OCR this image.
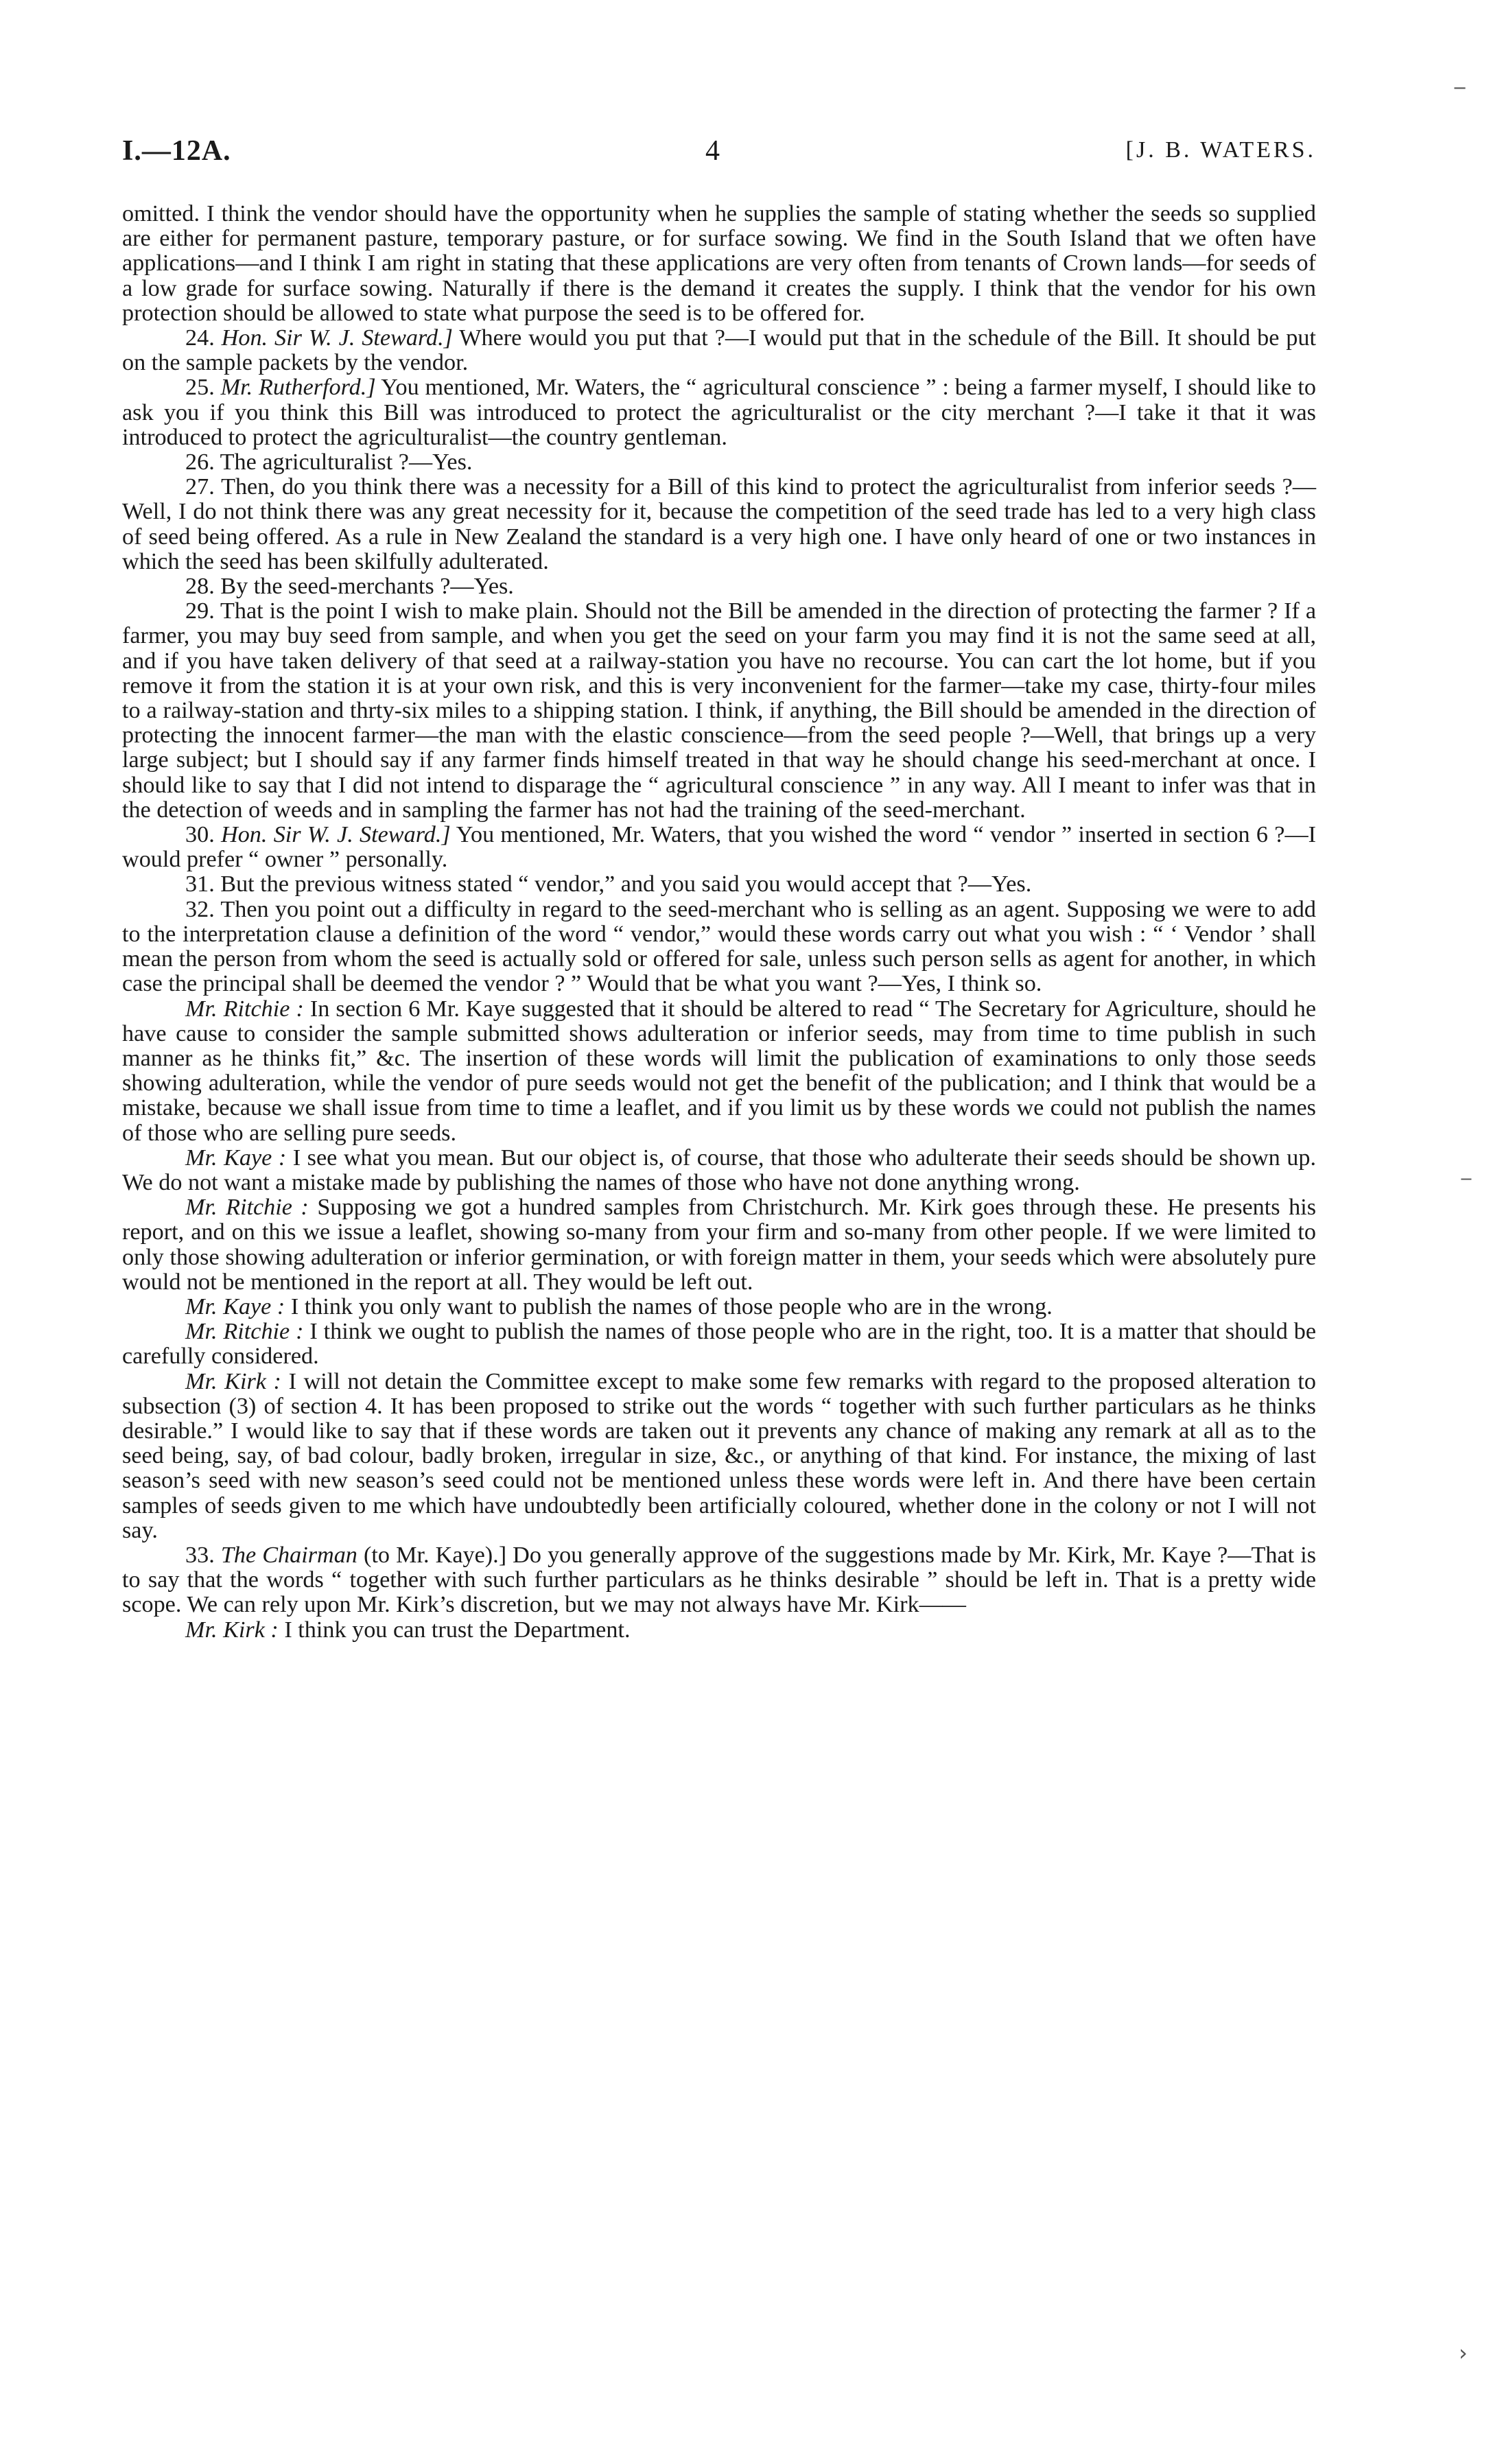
I.—12A.	4	[J. B. WATERS.

omitted. I think the vendor should have the opportunity when he supplies the sample of stating whether the seeds so supplied are either for permanent pasture, temporary pasture, or for surface sowing. We find in the South Island that we often have applications—and I think I am right in stating that these applications are very often from tenants of Crown lands—for seeds of a low grade for surface sowing. Naturally if there is the demand it creates the supply. I think that the vendor for his own protection should be allowed to state what purpose the seed is to be offered for.

24. Hon. Sir W. J. Steward.] Where would you put that ?—I would put that in the schedule of the Bill. It should be put on the sample packets by the vendor.

25. Mr. Rutherford.] You mentioned, Mr. Waters, the “ agricultural conscience ” : being a farmer myself, I should like to ask you if you think this Bill was introduced to protect the agriculturalist or the city merchant ?—I take it that it was introduced to protect the agriculturalist—the country gentleman.

26. The agriculturalist ?—Yes.

27. Then, do you think there was a necessity for a Bill of this kind to protect the agriculturalist from inferior seeds ?—Well, I do not think there was any great necessity for it, because the competition of the seed trade has led to a very high class of seed being offered. As a rule in New Zealand the standard is a very high one. I have only heard of one or two instances in which the seed has been skilfully adulterated.

28. By the seed-merchants ?—Yes.

29. That is the point I wish to make plain. Should not the Bill be amended in the direction of protecting the farmer ? If a farmer, you may buy seed from sample, and when you get the seed on your farm you may find it is not the same seed at all, and if you have taken delivery of that seed at a railway-station you have no recourse. You can cart the lot home, but if you remove it from the station it is at your own risk, and this is very inconvenient for the farmer—take my case, thirty-four miles to a railway-station and thrty-six miles to a shipping station. I think, if anything, the Bill should be amended in the direction of protecting the innocent farmer—the man with the elastic conscience—from the seed people ?—Well, that brings up a very large subject; but I should say if any farmer finds himself treated in that way he should change his seed-merchant at once. I should like to say that I did not intend to disparage the “ agricultural conscience ” in any way. All I meant to infer was that in the detection of weeds and in sampling the farmer has not had the training of the seed-merchant.

30. Hon. Sir W. J. Steward.] You mentioned, Mr. Waters, that you wished the word “ vendor ” inserted in section 6 ?—I would prefer “ owner ” personally.

31. But the previous witness stated “ vendor,” and you said you would accept that ?—Yes.

32. Then you point out a difficulty in regard to the seed-merchant who is selling as an agent. Supposing we were to add to the interpretation clause a definition of the word “ vendor,” would these words carry out what you wish : “ ‘ Vendor ’ shall mean the person from whom the seed is actually sold or offered for sale, unless such person sells as agent for another, in which case the principal shall be deemed the vendor ? ” Would that be what you want ?—Yes, I think so.

Mr. Ritchie : In section 6 Mr. Kaye suggested that it should be altered to read “ The Secretary for Agriculture, should he have cause to consider the sample submitted shows adulteration or inferior seeds, may from time to time publish in such manner as he thinks fit,” &c. The insertion of these words will limit the publication of examinations to only those seeds showing adulteration, while the vendor of pure seeds would not get the benefit of the publication; and I think that would be a mistake, because we shall issue from time to time a leaflet, and if you limit us by these words we could not publish the names of those who are selling pure seeds.

Mr. Kaye : I see what you mean. But our object is, of course, that those who adulterate their seeds should be shown up. We do not want a mistake made by publishing the names of those who have not done anything wrong.

Mr. Ritchie : Supposing we got a hundred samples from Christchurch. Mr. Kirk goes through these. He presents his report, and on this we issue a leaflet, showing so-many from your firm and so-many from other people. If we were limited to only those showing adulteration or inferior germination, or with foreign matter in them, your seeds which were absolutely pure would not be mentioned in the report at all. They would be left out.

Mr. Kaye : I think you only want to publish the names of those people who are in the wrong.

Mr. Ritchie : I think we ought to publish the names of those people who are in the right, too. It is a matter that should be carefully considered.

Mr. Kirk : I will not detain the Committee except to make some few remarks with regard to the proposed alteration to subsection (3) of section 4. It has been proposed to strike out the words “ together with such further particulars as he thinks desirable.” I would like to say that if these words are taken out it prevents any chance of making any remark at all as to the seed being, say, of bad colour, badly broken, irregular in size, &c., or anything of that kind. For instance, the mixing of last season’s seed with new season’s seed could not be mentioned unless these words were left in. And there have been certain samples of seeds given to me which have undoubtedly been artificially coloured, whether done in the colony or not I will not say.

33. The Chairman (to Mr. Kaye).] Do you generally approve of the suggestions made by Mr. Kirk, Mr. Kaye ?—That is to say that the words “ together with such further particulars as he thinks desirable ” should be left in. That is a pretty wide scope. We can rely upon Mr. Kirk’s discretion, but we may not always have Mr. Kirk——

Mr. Kirk : I think you can trust the Department.

‒
‒
›
